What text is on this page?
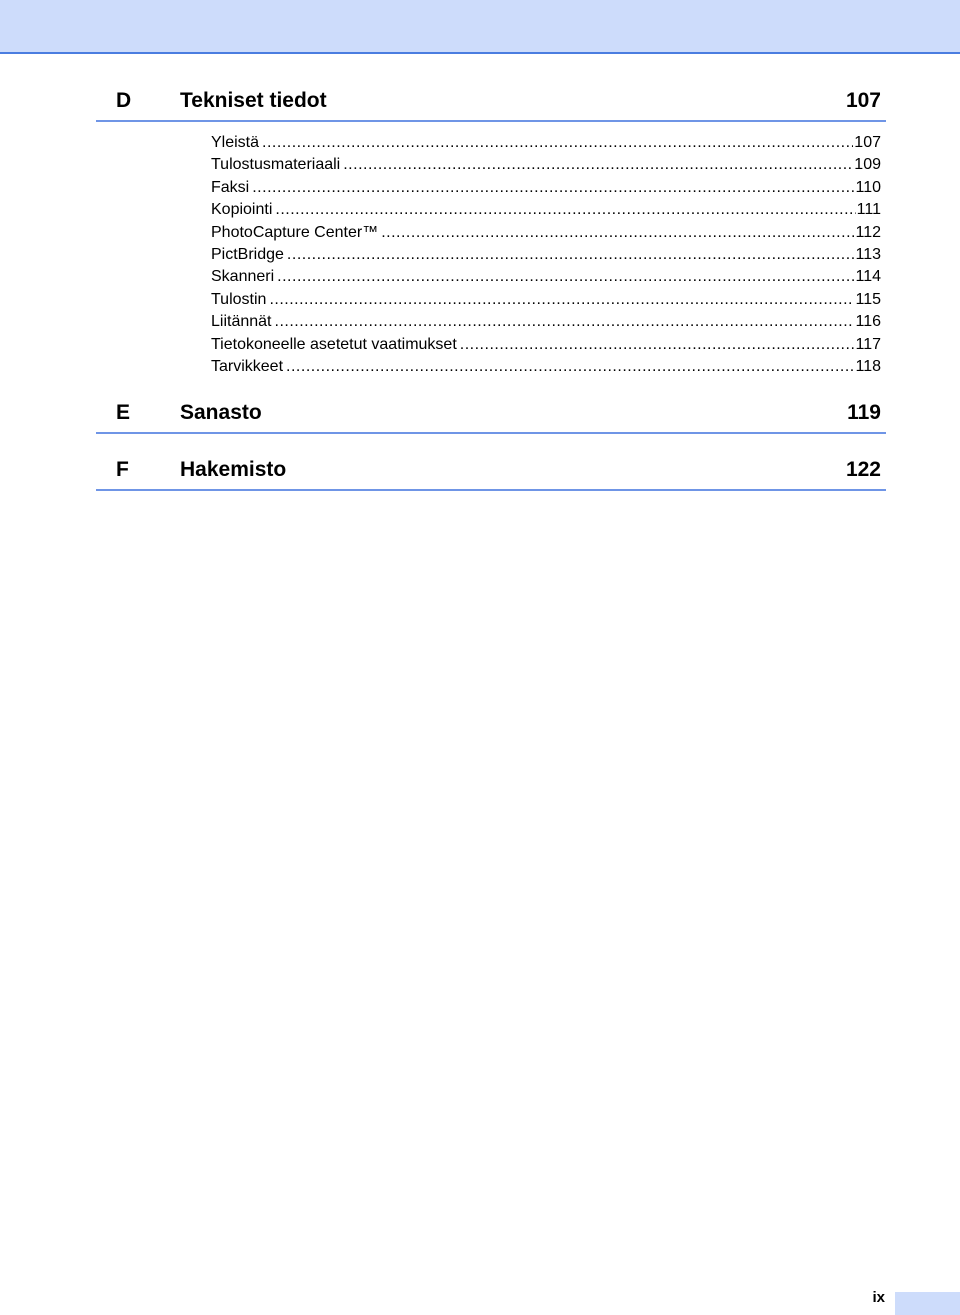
D Tekniset tiedot	107
Yleistä .....	107
Tulostusmateriaali .....	109
Faksi .....	110
Kopiointi .....	111
PhotoCapture Center™ .....	112
PictBridge .....	113
Skanneri .....	114
Tulostin .....	115
Liitännät .....	116
Tietokoneelle asetetut vaatimukset .....	117
Tarvikkeet .....	118
E Sanasto	119
F Hakemisto	122
ix
